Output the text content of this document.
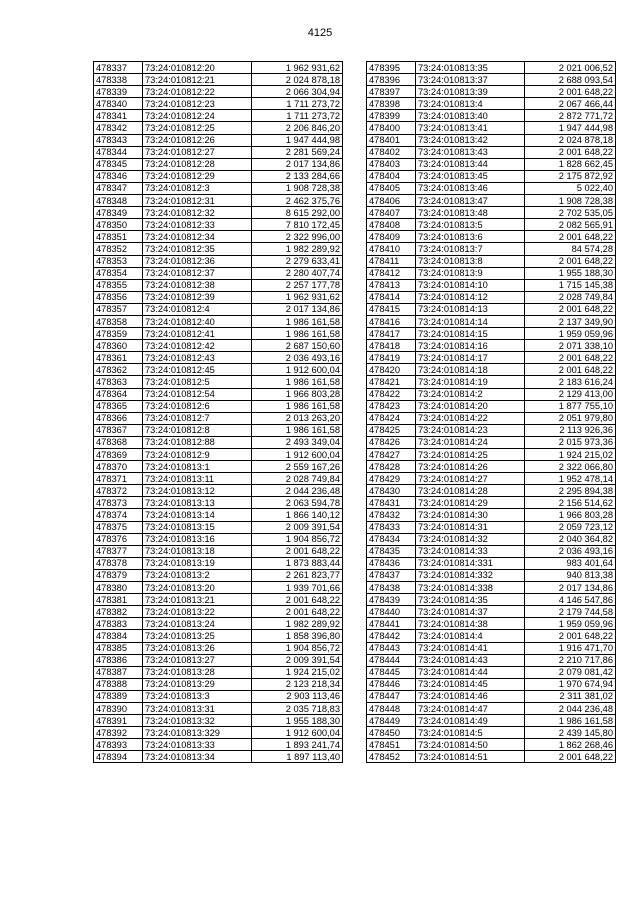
4125
478337	73:24:010812:20	1 962 931,62
478338	73:24:010812:21	2 024 878,18
478339	73:24:010812:22	2 066 304,94
478340	73:24:010812:23	1 711 273,72
478341	73:24:010812:24	1 711 273,72
478342	73:24:010812:25	2 206 846,20
478343	73:24:010812:26	1 947 444,98
478344	73:24:010812:27	2 281 569,24
478345	73:24:010812:28	2 017 134,86
478346	73:24:010812:29	2 133 284,66
478347	73:24:010812:3	1 908 728,38
478348	73:24:010812:31	2 462 375,76
478349	73:24:010812:32	8 615 292,00
478350	73:24:010812:33	7 810 172,45
478351	73:24:010812:34	2 322 996,00
478352	73:24:010812:35	1 982 289,92
478353	73:24:010812:36	2 279 633,41
478354	73:24:010812:37	2 280 407,74
478355	73:24:010812:38	2 257 177,78
478356	73:24:010812:39	1 962 931,62
478357	73:24:010812:4	2 017 134,86
478358	73:24:010812:40	1 986 161,58
478359	73:24:010812:41	1 986 161,58
478360	73:24:010812:42	2 687 150,60
478361	73:24:010812:43	2 036 493,16
478362	73:24:010812:45	1 912 600,04
478363	73:24:010812:5	1 986 161,58
478364	73:24:010812:54	1 966 803,28
478365	73:24:010812:6	1 986 161,58
478366	73:24:010812:7	2 013 263,20
478367	73:24:010812:8	1 986 161,58
478368	73:24:010812:88	2 493 349,04
478369	73:24:010812:9	1 912 600,04
478370	73:24:010813:1	2 559 167,26
478371	73:24:010813:11	2 028 749,84
478372	73:24:010813:12	2 044 236,48
478373	73:24:010813:13	2 063 594,78
478374	73:24:010813:14	1 866 140,12
478375	73:24:010813:15	2 009 391,54
478376	73:24:010813:16	1 904 856,72
478377	73:24:010813:18	2 001 648,22
478378	73:24:010813:19	1 873 883,44
478379	73:24:010813:2	2 261 823,77
478380	73:24:010813:20	1 939 701,66
478381	73:24:010813:21	2 001 648,22
478382	73:24:010813:22	2 001 648,22
478383	73:24:010813:24	1 982 289,92
478384	73:24:010813:25	1 858 396,80
478385	73:24:010813:26	1 904 856,72
478386	73:24:010813:27	2 009 391,54
478387	73:24:010813:28	1 924 215,02
478388	73:24:010813:29	2 123 218,34
478389	73:24:010813:3	2 903 113,46
478390	73:24:010813:31	2 035 718,83
478391	73:24:010813:32	1 955 188,30
478392	73:24:010813:329	1 912 600,04
478393	73:24:010813:33	1 893 241,74
478394	73:24:010813:34	1 897 113,40
478395	73:24:010813:35	2 021 006,52
478396	73:24:010813:37	2 688 093,54
478397	73:24:010813:39	2 001 648,22
478398	73:24:010813:4	2 067 466,44
478399	73:24:010813:40	2 872 771,72
478400	73:24:010813:41	1 947 444,98
478401	73:24:010813:42	2 024 878,18
478402	73:24:010813:43	2 001 648,22
478403	73:24:010813:44	1 828 662,45
478404	73:24:010813:45	2 175 872,92
478405	73:24:010813:46	5 022,40
478406	73:24:010813:47	1 908 728,38
478407	73:24:010813:48	2 702 535,05
478408	73:24:010813:5	2 082 565,91
478409	73:24:010813:6	2 001 648,22
478410	73:24:010813:7	84 574,28
478411	73:24:010813:8	2 001 648,22
478412	73:24:010813:9	1 955 188,30
478413	73:24:010814:10	1 715 145,38
478414	73:24:010814:12	2 028 749,84
478415	73:24:010814:13	2 001 648,22
478416	73:24:010814:14	2 137 349,90
478417	73:24:010814:15	1 959 059,96
478418	73:24:010814:16	2 071 338,10
478419	73:24:010814:17	2 001 648,22
478420	73:24:010814:18	2 001 648,22
478421	73:24:010814:19	2 183 616,24
478422	73:24:010814:2	2 129 413,00
478423	73:24:010814:20	1 877 755,10
478424	73:24:010814:22	2 051 979,80
478425	73:24:010814:23	2 113 926,36
478426	73:24:010814:24	2 015 973,36
478427	73:24:010814:25	1 924 215,02
478428	73:24:010814:26	2 322 066,80
478429	73:24:010814:27	1 952 478,14
478430	73:24:010814:28	2 295 894,38
478431	73:24:010814:29	2 156 514,62
478432	73:24:010814:30	1 966 803,28
478433	73:24:010814:31	2 059 723,12
478434	73:24:010814:32	2 040 364,82
478435	73:24:010814:33	2 036 493,16
478436	73:24:010814:331	983 401,64
478437	73:24:010814:332	940 813,38
478438	73:24:010814:338	2 017 134,86
478439	73:24:010814:35	4 146 547,86
478440	73:24:010814:37	2 179 744,58
478441	73:24:010814:38	1 959 059,96
478442	73:24:010814:4	2 001 648,22
478443	73:24:010814:41	1 916 471,70
478444	73:24:010814:43	2 210 717,86
478445	73:24:010814:44	2 079 081,42
478446	73:24:010814:45	1 970 674,94
478447	73:24:010814:46	2 311 381,02
478448	73:24:010814:47	2 044 236,48
478449	73:24:010814:49	1 986 161,58
478450	73:24:010814:5	2 439 145,80
478451	73:24:010814:50	1 862 268,46
478452	73:24:010814:51	2 001 648,22
